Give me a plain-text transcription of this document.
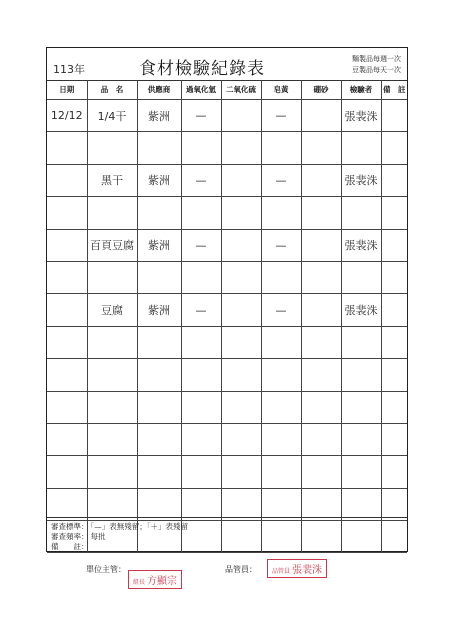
113年	食材檢驗紀錄表	麵製品每週一次
豆製品每天一次
日期	品　名	供應商	過氧化氫	二氧化硫	皂黃	硼砂	檢驗者	備　註
12/12	1/4干	紫洲	—		—		張裴洙	

	黑干	紫洲	—		—		張裴洙	

	百頁豆腐	紫洲	—		—		張裴洙	

	豆腐	紫洲	—		—		張裴洙	

審查標準： 「—」表無殘留；「＋」表殘留
審查頻率： 每批
備　　註：
單位主管：
組長 方顯宗
品管員：	品管員 張裴洙
